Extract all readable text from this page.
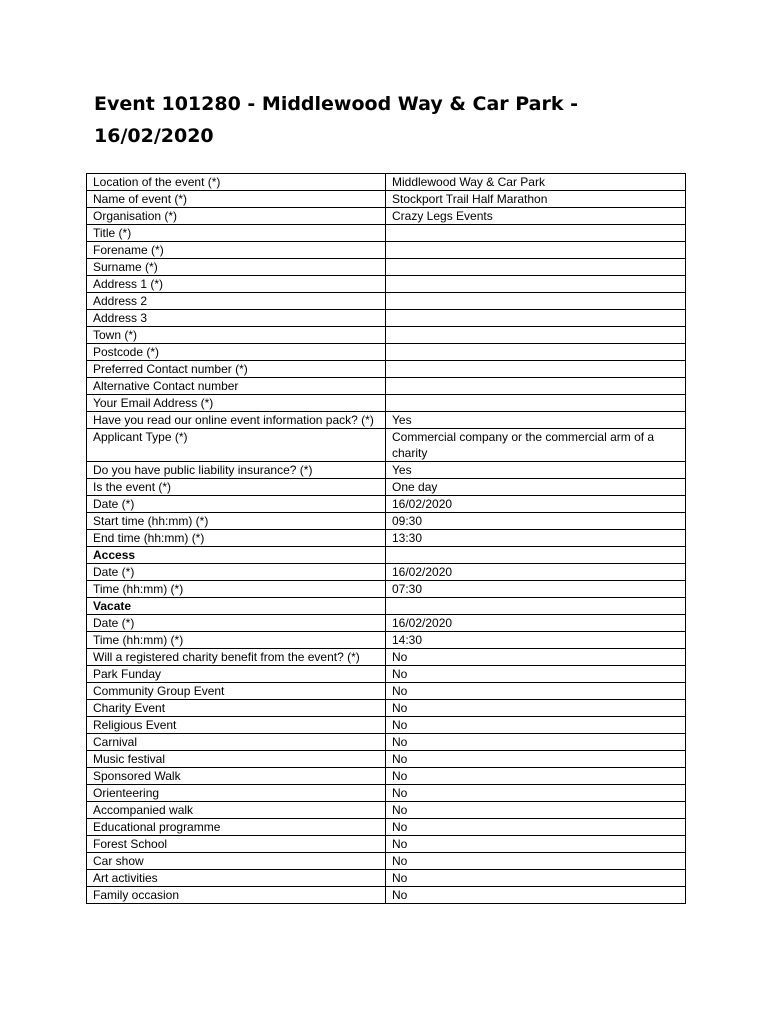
Event 101280 - Middlewood Way & Car Park -
16/02/2020
Location of the event (*)	Middlewood Way & Car Park
Name of event (*)	Stockport Trail Half Marathon
Organisation (*)	Crazy Legs Events
Title (*)	
Forename (*)	
Surname (*)	
Address 1 (*)	
Address 2	
Address 3	
Town (*)	
Postcode (*)	
Preferred Contact number (*)	
Alternative Contact number	
Your Email Address (*)	
Have you read our online event information pack? (*)	Yes
Applicant Type (*)	Commercial company or the commercial arm of a charity
Do you have public liability insurance? (*)	Yes
Is the event (*)	One day
Date (*)	16/02/2020
Start time (hh:mm) (*)	09:30
End time (hh:mm) (*)	13:30
Access	
Date (*)	16/02/2020
Time (hh:mm) (*)	07:30
Vacate	
Date (*)	16/02/2020
Time (hh:mm) (*)	14:30
Will a registered charity benefit from the event? (*)	No
Park Funday	No
Community Group Event	No
Charity Event	No
Religious Event	No
Carnival	No
Music festival	No
Sponsored Walk	No
Orienteering	No
Accompanied walk	No
Educational programme	No
Forest School	No
Car show	No
Art activities	No
Family occasion	No
